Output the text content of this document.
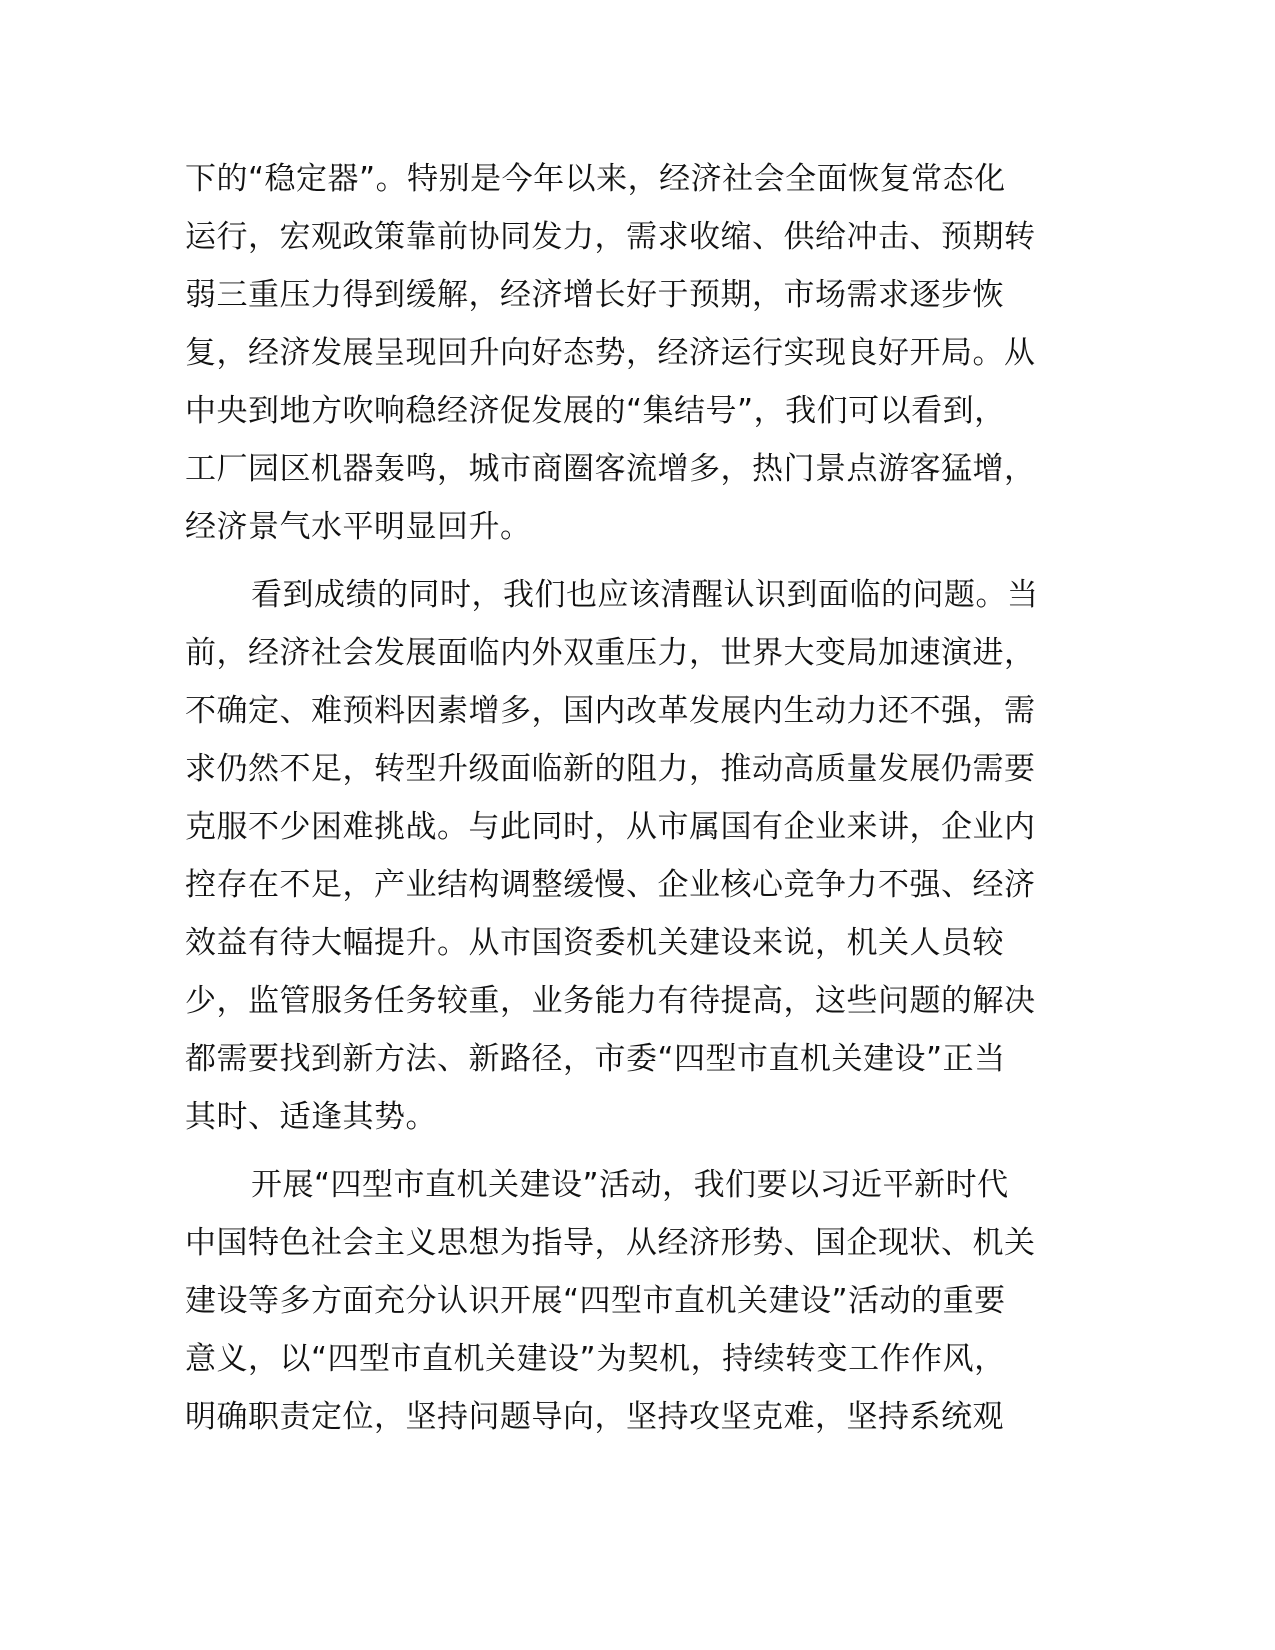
下的“稳定器”。特别是今年以来，经济社会全面恢复常态化
运行，宏观政策靠前协同发力，需求收缩、供给冲击、预期转
弱三重压力得到缓解，经济增长好于预期，市场需求逐步恢
复，经济发展呈现回升向好态势，经济运行实现良好开局。从
中央到地方吹响稳经济促发展的“集结号”，我们可以看到，
工厂园区机器轰鸣，城市商圈客流增多，热门景点游客猛增，
经济景气水平明显回升。
看到成绩的同时，我们也应该清醒认识到面临的问题。当
前，经济社会发展面临内外双重压力，世界大变局加速演进，
不确定、难预料因素增多，国内改革发展内生动力还不强，需
求仍然不足，转型升级面临新的阻力，推动高质量发展仍需要
克服不少困难挑战。与此同时，从市属国有企业来讲，企业内
控存在不足，产业结构调整缓慢、企业核心竞争力不强、经济
效益有待大幅提升。从市国资委机关建设来说，机关人员较
少，监管服务任务较重，业务能力有待提高，这些问题的解决
都需要找到新方法、新路径，市委“四型市直机关建设”正当
其时、适逢其势。
开展“四型市直机关建设”活动，我们要以习近平新时代
中国特色社会主义思想为指导，从经济形势、国企现状、机关
建设等多方面充分认识开展“四型市直机关建设”活动的重要
意义，以“四型市直机关建设”为契机，持续转变工作作风，
明确职责定位，坚持问题导向，坚持攻坚克难，坚持系统观
